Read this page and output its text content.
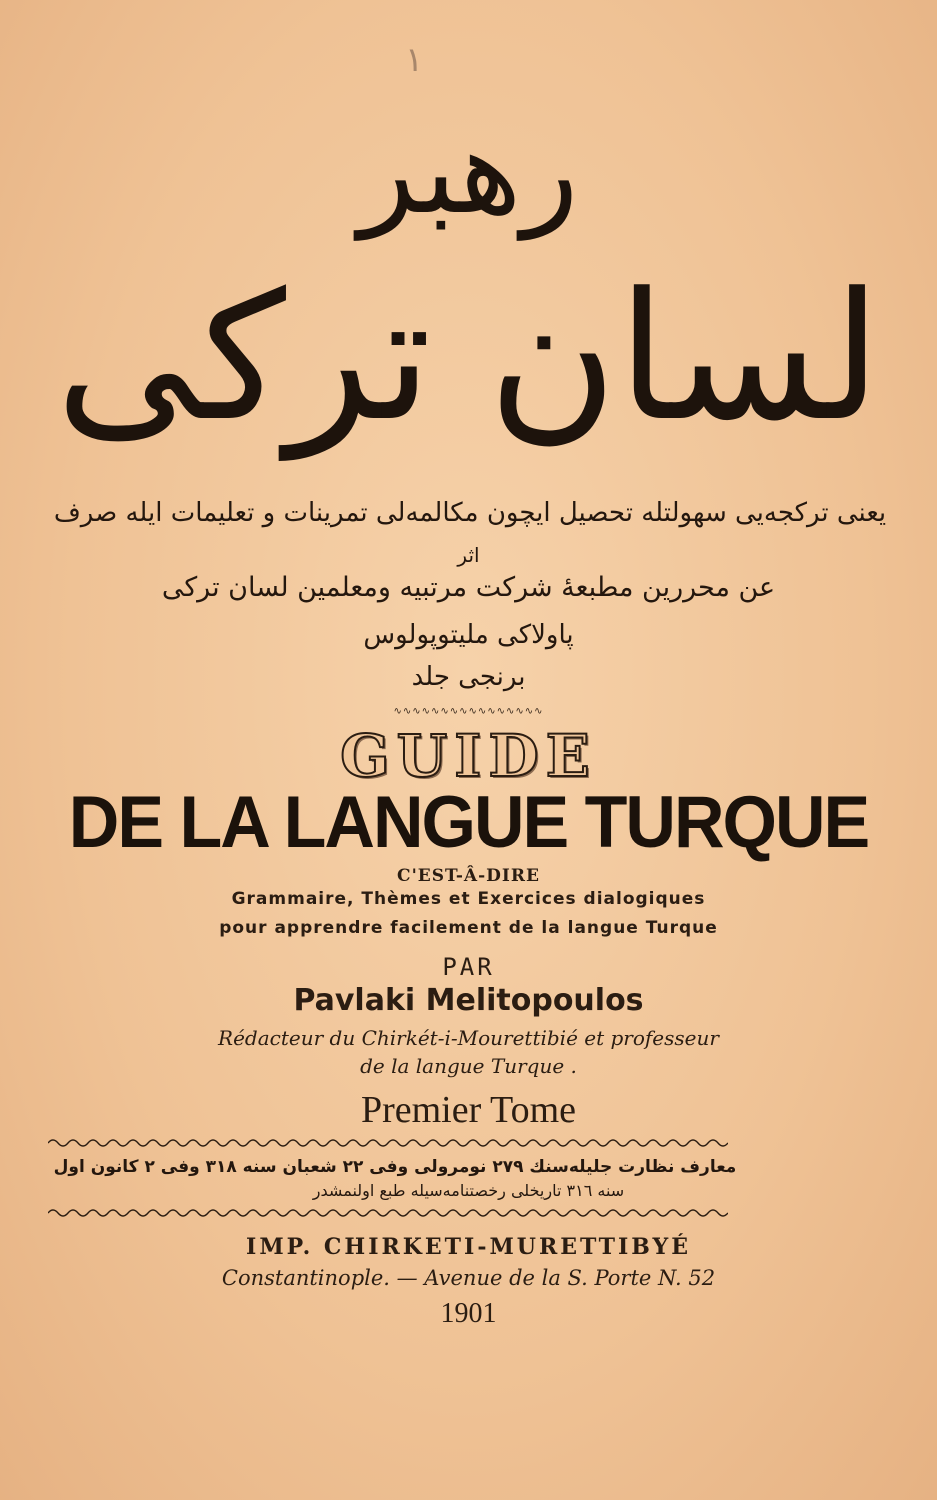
١
رهبر
لسان ترکی
یعنی ترکجه‌یی سهولتله تحصیل ایچون مکالمه‌لی تمرینات و تعلیمات ایله صرف
اثر
عن محررین مطبعهٔ شرکت مرتبیه ومعلمین لسان ترکی
پاولاکی ملیتوپولوس
برنجی جلد
∿∿∿∿∿∿∿∿∿∿∿∿∿∿∿∿
GUIDE
DE LA LANGUE TURQUE
C'EST-Â-DIRE
Grammaire, Thèmes et Exercices dialogiques
pour apprendre facilement de la langue Turque
PAR
Pavlaki Melitopoulos
Rédacteur du Chirkét-i-Mourettibié et professeur
de la langue Turque .
Premier Tome
معارف نظارت جلیله‌سنك ۲۷۹ نومرولی وفی ۲۲ شعبان سنه ۳۱۸ وفی ۲ کانون اول
سنه ۳۱٦ تاریخلی رخصتنامه‌سیله طبع اولنمشدر
IMP. CHIRKETI-MURETTIBYÉ
Constantinople. — Avenue de la S. Porte N. 52
1901
